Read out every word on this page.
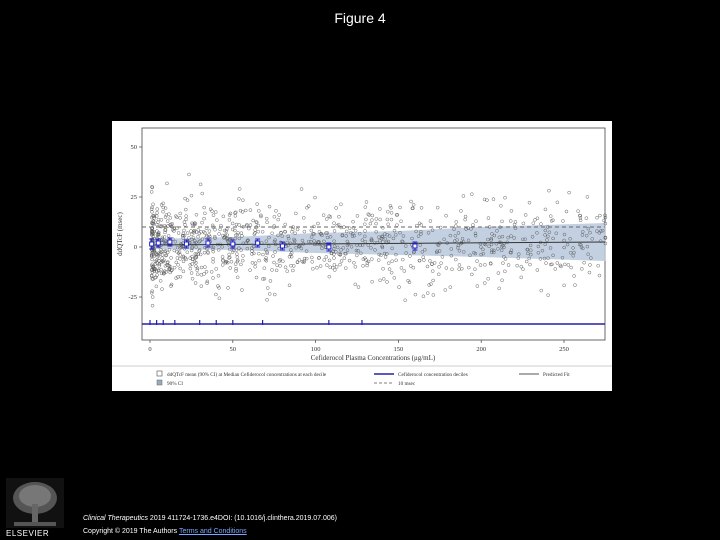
Figure 4
0	50	100	150	200	250
50
25
0
-25
ddQTcF (msec)
Cefiderocol Plasma Concentrations (μg/mL)
ddQTcF mean (90% CI) at Median Cefiderocol concentrations at each decile	Cefiderocol concentration deciles	Predicted Fit
90% CI	10 msec
ELSEVIER
Clinical Therapeutics 2019 411724-1736.e4DOI: (10.1016/j.clinthera.2019.07.006)
Copyright © 2019 The Authors Terms and Conditions
